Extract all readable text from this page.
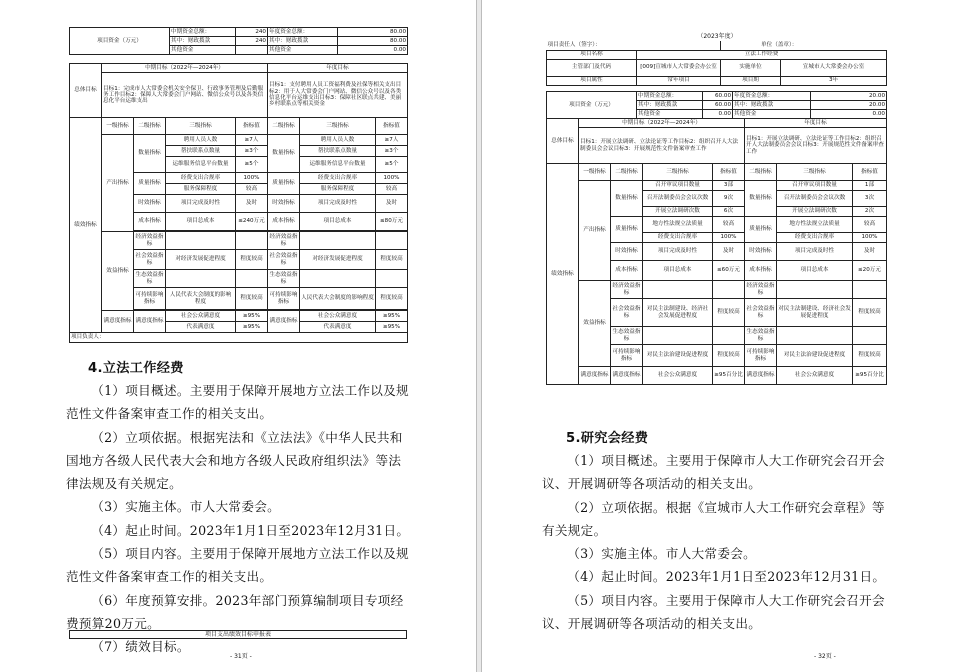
项目资金（万元）	中期资金总额：	240	年度资金总额：	80.00
	其中：财政拨款	240	其中：财政拨款	80.00
	其他资金		其他资金	0.00
总体目标	中期目标（2022年—2024年）	年度目标
	目标1：完成市人大常委会机关安全保卫、行政事务管理及后勤服务工作目标2：保障人大常委会门户网站、微信公众号以及各类信息化平台运维支出	目标1：支付聘用人员工资福利费及社保等相关支出目标2：用于人大常委会门户网站、微信公众号以及各类信息化平台运维支出目标3：保障社区联点共建、美丽乡村联系点等相关资金
绩效指标	一级指标	二级指标	三级指标	指标值	二级指标	三级指标	指标值
	产出指标	数量指标	聘用人员人数	≥7人	数量指标	聘用人员人数	≥7人
			帮扶联系点数量	≥3个		帮扶联系点数量	≥3个
			运维服务信息平台数量	≥5个		运维服务信息平台数量	≥5个
		质量指标	经费支出合规率	100%	质量指标	经费支出合规率	100%
			服务保障程度	较高		服务保障程度	较高
		时效指标	项目完成及时性	及时	时效指标	项目完成及时性	及时
		成本指标	项目总成本	≤240万元	成本指标	项目总成本	≤80万元

	效益指标	经济效益指标			经济效益指标		
		社会效益指标	对经济发展促进程度	程度较高	社会效益指标	对经济发展促进程度	程度较高
		生态效益指标			生态效益指标		
		可持续影响指标	人民代表大会制度的影响程度	程度较高	可持续影响指标	人民代表大会制度的影响程度	程度较高

	满意度指标	满意度指标	社会公众满意度	≥95%	满意度指标	社会公众满意度	≥95%
			代表满意度	≥95%		代表满意度	≥95%
项目负责人：							
4.立法工作经费

（1）项目概述。主要用于保障开展地方立法工作以及规范性文件备案审查工作的相关支出。

（2）立项依据。根据宪法和《立法法》《中华人民共和国地方各级人民代表大会和地方各级人民政府组织法》等法律法规及有关规定。

（3）实施主体。市人大常委会。

（4）起止时间。2023年1月1日至2023年12月31日。

（5）项目内容。主要用于保障开展地方立法工作以及规范性文件备案审查工作的相关支出。

（6）年度预算安排。2023年部门预算编制项目专项经费预算20万元。

（7）绩效目标。

项目支出绩效目标申报表
- 31页 -
（2023年度）
项目责任人（签字）：		单位（盖章）：	
项目名称	立法工作经费		
主管部门及代码	[009]宣城市人大常委会办公室	实施单位	宣城市人大常委会办公室
项目属性	常年项目	项目期	3年
项目资金（万元）	中期资金总额：	60.00	年度资金总额：	20.00
	其中：财政拨款	60.00	其中：财政拨款	20.00
	其他资金	0.00	其他资金	0.00
总体目标	中期目标（2022年—2024年）	年度目标
	目标1：开展立法调研、立法论证等工作目标2：组织召开人大法制委员会会议目标3：开展规范性文件备案审查工作	目标1：开展立法调研、立法论证等工作目标2：组织召开人大法制委员会会议目标3：开展规范性文件备案审查工作
绩效指标	一级指标	二级指标	三级指标	指标值	二级指标	三级指标	指标值
	产出指标	数量指标	召开审议项目数量	3部	数量指标	召开审议项目数量	1部
			召开法制委员会会议次数	9次		召开法制委员会会议次数	3次
			开展立法调研次数	6次		开展立法调研次数	2次
		质量指标	地方性法规立法质量	较高	质量指标	地方性法规立法质量	较高
			经费支出合规率	100%		经费支出合规率	100%
		时效指标	项目完成及时性	及时	时效指标	项目完成及时性	及时
		成本指标	项目总成本	≤60万元	成本指标	项目总成本	≤20万元
	效益指标	经济效益指标			经济效益指标		
		社会效益指标	对民主法制建设、经济社会发展促进程度	程度较高	社会效益指标	对民主法制建设、经济社会发展促进程度	程度较高
		生态效益指标			生态效益指标		
		可持续影响指标	对民主法治建设促进程度	程度较高	可持续影响指标	对民主法治建设促进程度	程度较高
	满意度指标	满意度指标	社会公众满意度	≥95百分比	满意度指标	社会公众满意度	≥95百分比
5.研究会经费

（1）项目概述。主要用于保障市人大工作研究会召开会议、开展调研等各项活动的相关支出。

（2）立项依据。根据《宣城市人大工作研究会章程》等有关规定。

（3）实施主体。市人大常委会。

（4）起止时间。2023年1月1日至2023年12月31日。

（5）项目内容。主要用于保障市人大工作研究会召开会议、开展调研等各项活动的相关支出。

- 32页 -
